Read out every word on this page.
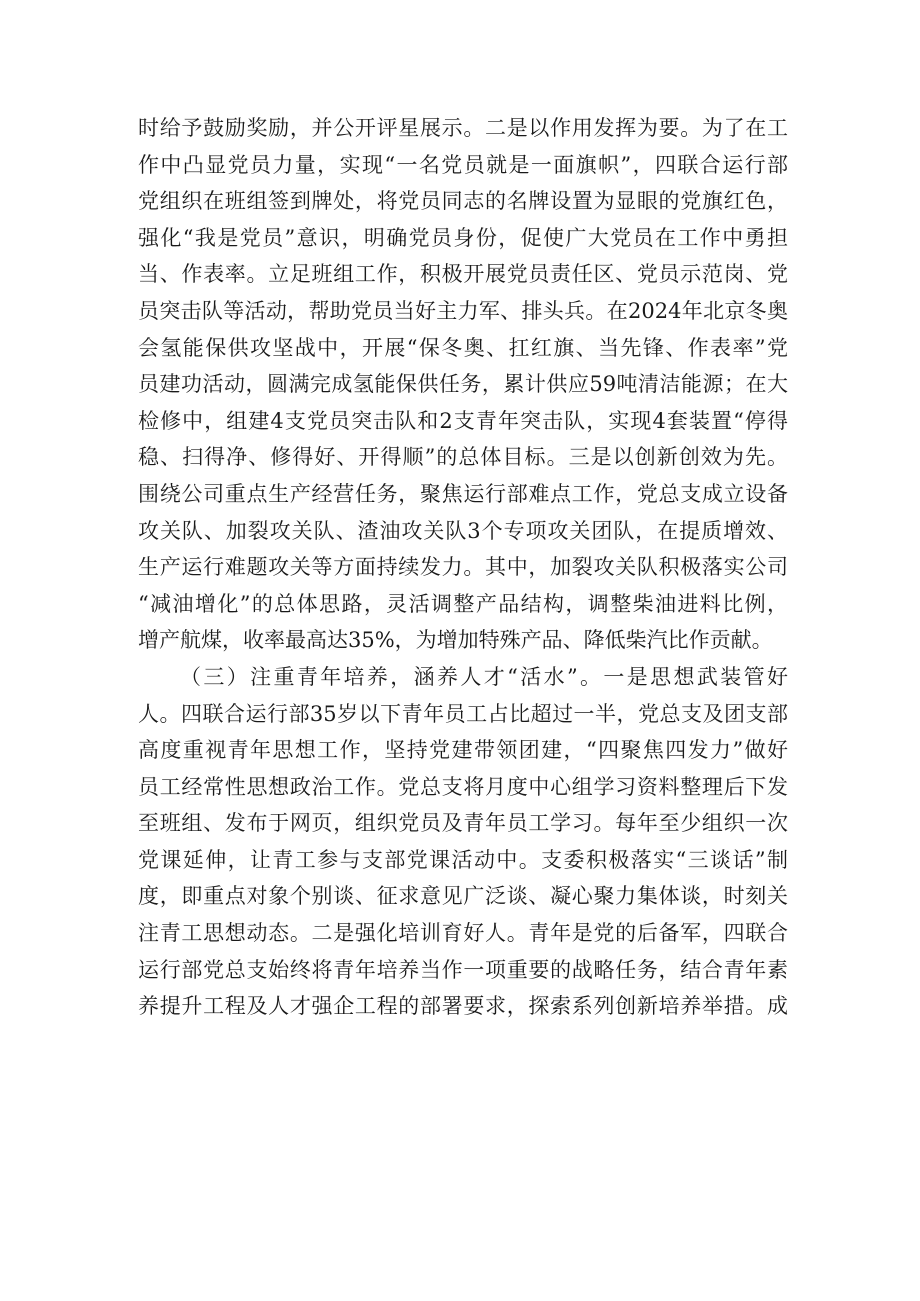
时给予鼓励奖励，并公开评星展示。二是以作用发挥为要。为了在工
作中凸显党员力量，实现“一名党员就是一面旗帜”，四联合运行部
党组织在班组签到牌处，将党员同志的名牌设置为显眼的党旗红色，
强化“我是党员”意识，明确党员身份，促使广大党员在工作中勇担
当、作表率。立足班组工作，积极开展党员责任区、党员示范岗、党
员突击队等活动，帮助党员当好主力军、排头兵。在2024年北京冬奥
会氢能保供攻坚战中，开展“保冬奥、扛红旗、当先锋、作表率”党
员建功活动，圆满完成氢能保供任务，累计供应59吨清洁能源；在大
检修中，组建4支党员突击队和2支青年突击队，实现4套装置“停得
稳、扫得净、修得好、开得顺”的总体目标。三是以创新创效为先。
围绕公司重点生产经营任务，聚焦运行部难点工作，党总支成立设备
攻关队、加裂攻关队、渣油攻关队3个专项攻关团队，在提质增效、
生产运行难题攻关等方面持续发力。其中，加裂攻关队积极落实公司
“减油增化”的总体思路，灵活调整产品结构，调整柴油进料比例，
增产航煤，收率最高达35%，为增加特殊产品、降低柴汽比作贡献。
（三）注重青年培养，涵养人才“活水”。一是思想武装管好
人。四联合运行部35岁以下青年员工占比超过一半，党总支及团支部
高度重视青年思想工作，坚持党建带领团建，“四聚焦四发力”做好
员工经常性思想政治工作。党总支将月度中心组学习资料整理后下发
至班组、发布于网页，组织党员及青年员工学习。每年至少组织一次
党课延伸，让青工参与支部党课活动中。支委积极落实“三谈话”制
度，即重点对象个别谈、征求意见广泛谈、凝心聚力集体谈，时刻关
注青工思想动态。二是强化培训育好人。青年是党的后备军，四联合
运行部党总支始终将青年培养当作一项重要的战略任务，结合青年素
养提升工程及人才强企工程的部署要求，探索系列创新培养举措。成
